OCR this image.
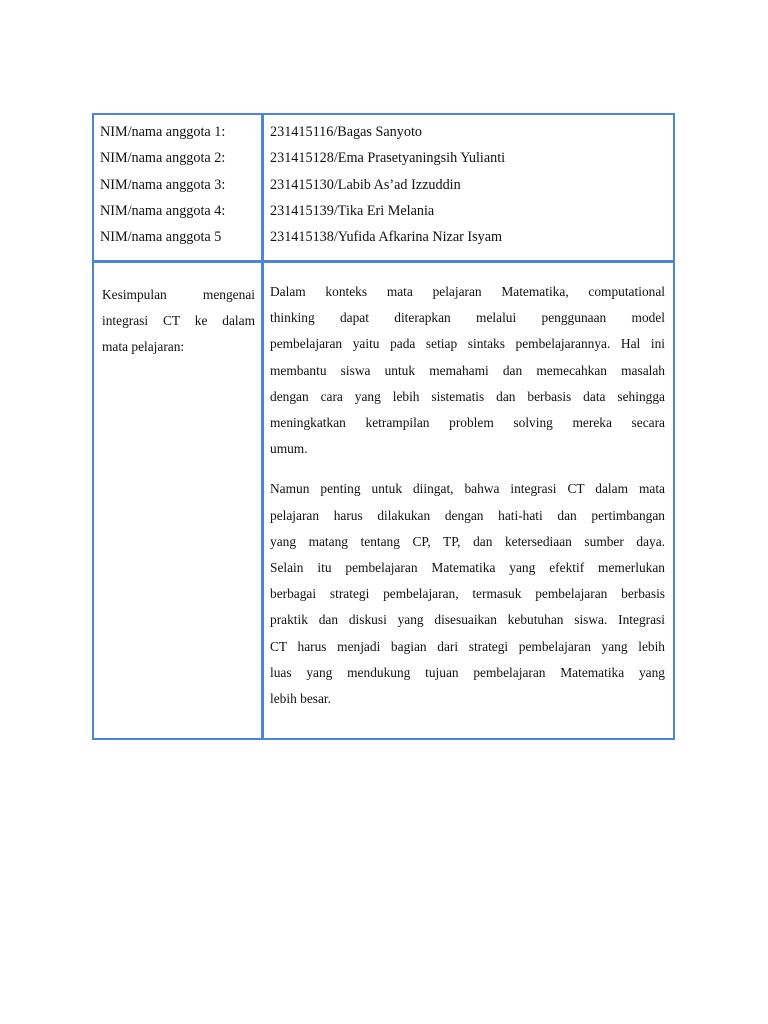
NIM/nama anggota 1:
NIM/nama anggota 2:
NIM/nama anggota 3:
NIM/nama anggota 4:
NIM/nama anggota 5
231415116/Bagas Sanyoto
231415128/Ema Prasetyaningsih Yulianti
231415130/Labib As’ad Izzuddin
231415139/Tika Eri Melania
231415138/Yufida Afkarina Nizar Isyam
Kesimpulan mengenai
integrasi CT ke dalam
mata pelajaran:
Dalam konteks mata pelajaran Matematika, computational
thinking dapat diterapkan melalui penggunaan model
pembelajaran yaitu pada setiap sintaks pembelajarannya. Hal ini
membantu siswa untuk memahami dan memecahkan masalah
dengan cara yang lebih sistematis dan berbasis data sehingga
meningkatkan ketrampilan problem solving mereka secara
umum.
Namun penting untuk diingat, bahwa integrasi CT dalam mata
pelajaran harus dilakukan dengan hati-hati dan pertimbangan
yang matang tentang CP, TP, dan ketersediaan sumber daya.
Selain itu pembelajaran Matematika yang efektif memerlukan
berbagai strategi pembelajaran, termasuk pembelajaran berbasis
praktik dan diskusi yang disesuaikan kebutuhan siswa. Integrasi
CT harus menjadi bagian dari strategi pembelajaran yang lebih
luas yang mendukung tujuan pembelajaran Matematika yang
lebih besar.
